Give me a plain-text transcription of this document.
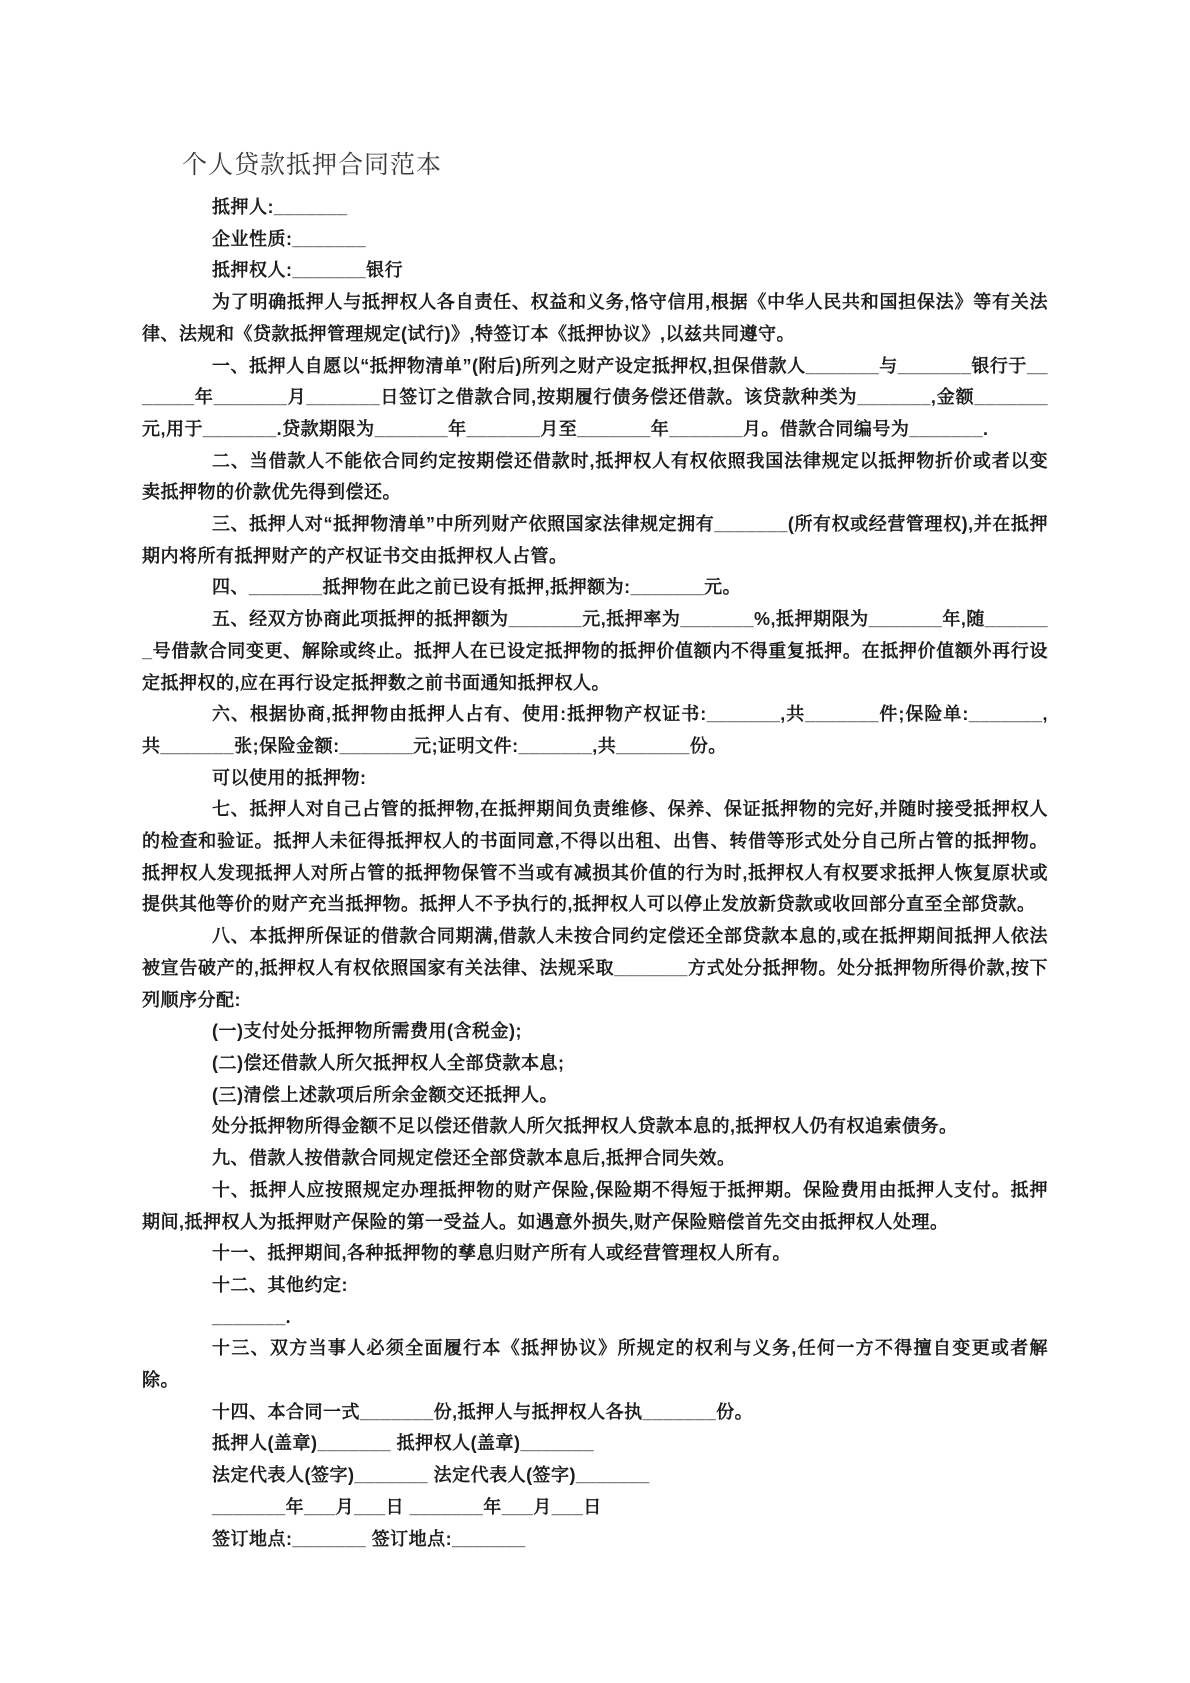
个人贷款抵押合同范本

抵押人:_______

企业性质:_______

抵押权人:_______银行

为了明确抵押人与抵押权人各自责任、权益和义务,恪守信用,根据《中华人民共和国担保法》等有关法律、法规和《贷款抵押管理规定(试行)》,特签订本《抵押协议》,以兹共同遵守。

一、抵押人自愿以“抵押物清单”(附后)所列之财产设定抵押权,担保借款人_______与_______银行于_______年_______月_______日签订之借款合同,按期履行债务偿还借款。该贷款种类为_______,金额_______元,用于_______.贷款期限为_______年_______月至_______年_______月。借款合同编号为_______.

二、当借款人不能依合同约定按期偿还借款时,抵押权人有权依照我国法律规定以抵押物折价或者以变卖抵押物的价款优先得到偿还。

三、抵押人对“抵押物清单”中所列财产依照国家法律规定拥有_______(所有权或经营管理权),并在抵押期内将所有抵押财产的产权证书交由抵押权人占管。

四、_______抵押物在此之前已设有抵押,抵押额为:_______元。

五、经双方协商此项抵押的抵押额为_______元,抵押率为_______%,抵押期限为_______年,随_______号借款合同变更、解除或终止。抵押人在已设定抵押物的抵押价值额内不得重复抵押。在抵押价值额外再行设定抵押权的,应在再行设定抵押数之前书面通知抵押权人。

六、根据协商,抵押物由抵押人占有、使用:抵押物产权证书:_______,共_______件;保险单:_______,共_______张;保险金额:_______元;证明文件:_______,共_______份。

可以使用的抵押物:

七、抵押人对自己占管的抵押物,在抵押期间负责维修、保养、保证抵押物的完好,并随时接受抵押权人的检查和验证。抵押人未征得抵押权人的书面同意,不得以出租、出售、转借等形式处分自己所占管的抵押物。抵押权人发现抵押人对所占管的抵押物保管不当或有减损其价值的行为时,抵押权人有权要求抵押人恢复原状或提供其他等价的财产充当抵押物。抵押人不予执行的,抵押权人可以停止发放新贷款或收回部分直至全部贷款。

八、本抵押所保证的借款合同期满,借款人未按合同约定偿还全部贷款本息的,或在抵押期间抵押人依法被宣告破产的,抵押权人有权依照国家有关法律、法规采取_______方式处分抵押物。处分抵押物所得价款,按下列顺序分配:

(一)支付处分抵押物所需费用(含税金);

(二)偿还借款人所欠抵押权人全部贷款本息;

(三)清偿上述款项后所余金额交还抵押人。

处分抵押物所得金额不足以偿还借款人所欠抵押权人贷款本息的,抵押权人仍有权追索债务。

九、借款人按借款合同规定偿还全部贷款本息后,抵押合同失效。

十、抵押人应按照规定办理抵押物的财产保险,保险期不得短于抵押期。保险费用由抵押人支付。抵押期间,抵押权人为抵押财产保险的第一受益人。如遇意外损失,财产保险赔偿首先交由抵押权人处理。

十一、抵押期间,各种抵押物的孳息归财产所有人或经营管理权人所有。

十二、其他约定:

_______.

十三、双方当事人必须全面履行本《抵押协议》所规定的权利与义务,任何一方不得擅自变更或者解除。

十四、本合同一式_______份,抵押人与抵押权人各执_______份。

抵押人(盖章)_______ 抵押权人(盖章)_______

法定代表人(签字)_______ 法定代表人(签字)_______

_______年___月___日 _______年___月___日

签订地点:_______ 签订地点:_______
